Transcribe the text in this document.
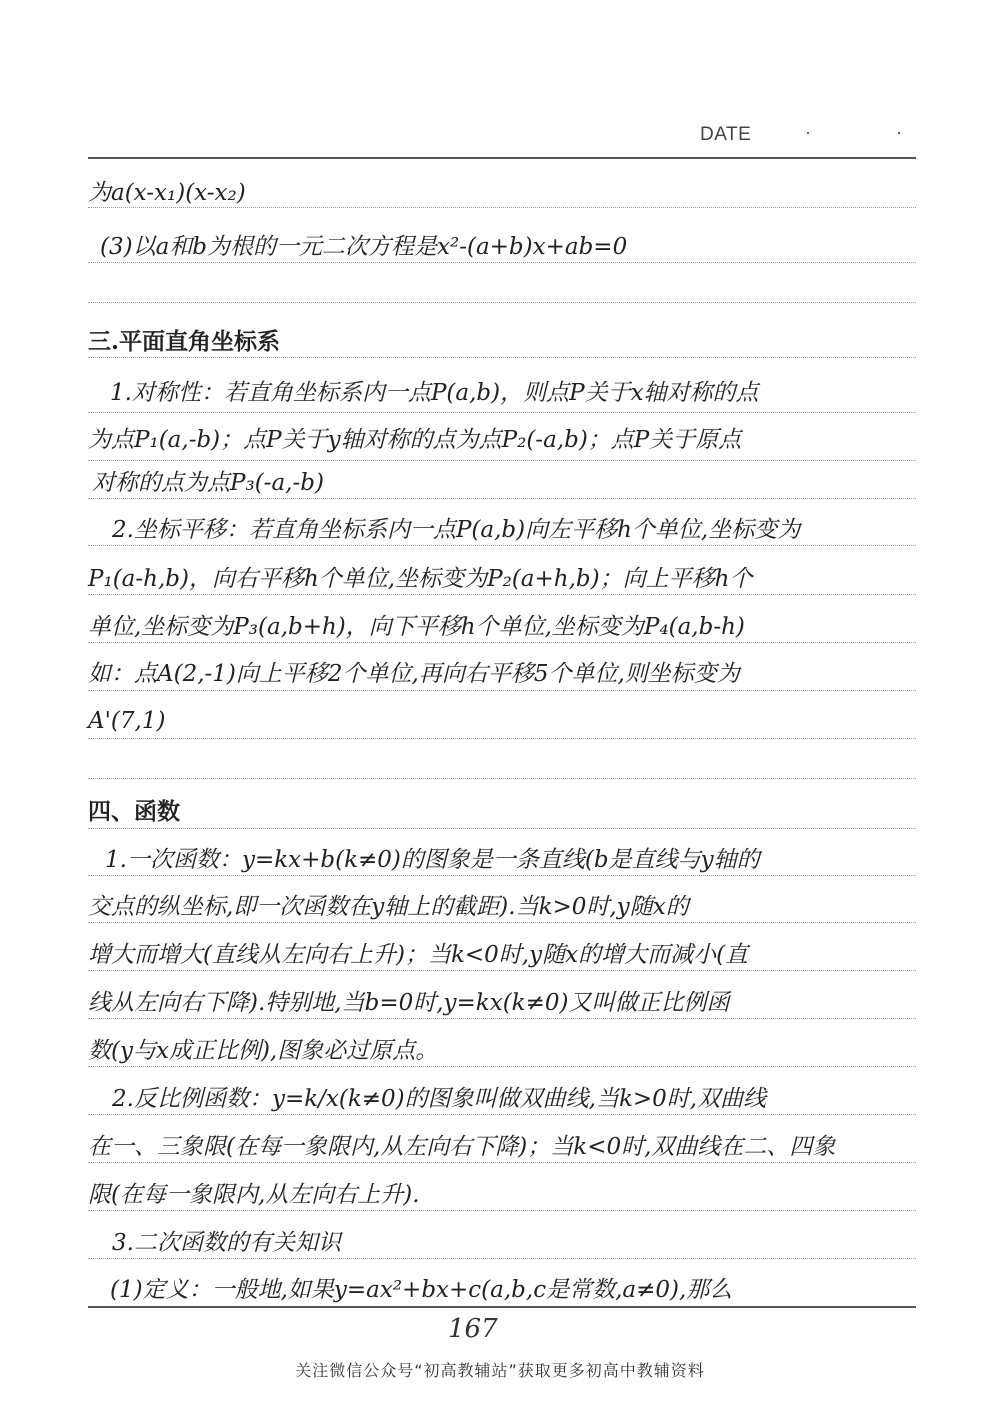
DATE	· ·
为a(x-x₁)(x-x₂)
(3)以a和b为根的一元二次方程是x²-(a+b)x+ab=0
三.平面直角坐标系
1.对称性：若直角坐标系内一点P(a,b)，则点P关于x轴对称的点
为点P₁(a,-b)；点P关于y轴对称的点为点P₂(-a,b)；点P关于原点
对称的点为点P₃(-a,-b)
2.坐标平移：若直角坐标系内一点P(a,b)向左平移h个单位,坐标变为
P₁(a-h,b)，向右平移h个单位,坐标变为P₂(a+h,b)；向上平移h个
单位,坐标变为P₃(a,b+h)，向下平移h个单位,坐标变为P₄(a,b-h)
如：点A(2,-1)向上平移2个单位,再向右平移5个单位,则坐标变为
A'(7,1)
四、函数
1.一次函数：y=kx+b(k≠0)的图象是一条直线(b是直线与y轴的
交点的纵坐标,即一次函数在y轴上的截距).当k>0时,y随x的
增大而增大(直线从左向右上升)；当k<0时,y随x的增大而减小(直
线从左向右下降).特别地,当b=0时,y=kx(k≠0)又叫做正比例函
数(y与x成正比例),图象必过原点。
2.反比例函数：y=k/x(k≠0)的图象叫做双曲线,当k>0时,双曲线
在一、三象限(在每一象限内,从左向右下降)；当k<0时,双曲线在二、四象
限(在每一象限内,从左向右上升).
3.二次函数的有关知识
(1)定义：一般地,如果y=ax²+bx+c(a,b,c是常数,a≠0),那么
167
关注微信公众号“初高教辅站”获取更多初高中教辅资料
